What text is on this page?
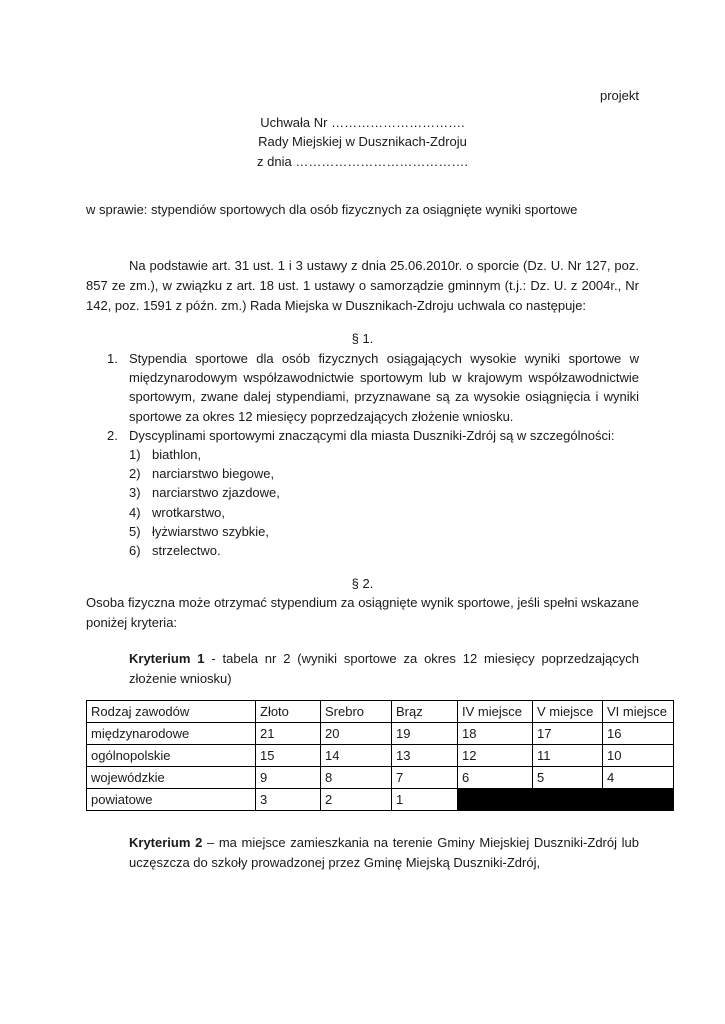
projekt
Uchwała Nr ………………………….
Rady Miejskiej w Dusznikach-Zdroju
z dnia ………………………………….
w sprawie: stypendiów sportowych dla osób fizycznych za osiągnięte wyniki sportowe
Na podstawie art. 31 ust. 1 i 3 ustawy z dnia 25.06.2010r. o sporcie (Dz. U. Nr 127, poz. 857 ze zm.), w związku z art. 18 ust. 1 ustawy o samorządzie gminnym (t.j.: Dz. U. z 2004r., Nr 142, poz. 1591 z późn. zm.) Rada Miejska w Dusznikach-Zdroju uchwala co następuje:
§ 1.
1. Stypendia sportowe dla osób fizycznych osiągających wysokie wyniki sportowe w międzynarodowym współzawodnictwie sportowym lub w krajowym współzawodnictwie sportowym, zwane dalej stypendiami, przyznawane są za wysokie osiągnięcia i wyniki sportowe za okres 12 miesięcy poprzedzających złożenie wniosku.
2. Dyscyplinami sportowymi znaczącymi dla miasta Duszniki-Zdrój są w szczególności:
1) biathlon,
2) narciarstwo biegowe,
3) narciarstwo zjazdowe,
4) wrotkarstwo,
5) łyżwiarstwo szybkie,
6) strzelectwo.
§ 2.
Osoba fizyczna może otrzymać stypendium za osiągnięte wynik sportowe, jeśli spełni wskazane poniżej kryteria:
Kryterium 1 - tabela nr 2 (wyniki sportowe za okres 12 miesięcy poprzedzających złożenie wniosku)
Rodzaj zawodów	Złoto	Srebro	Brąz	IV miejsce	V miejsce	VI miejsce
międzynarodowe	21	20	19	18	17	16
ogólnopolskie	15	14	13	12	11	10
wojewódzkie	9	8	7	6	5	4
powiatowe	3	2	1			
Kryterium 2 – ma miejsce zamieszkania na terenie Gminy Miejskiej Duszniki-Zdrój lub uczęszcza do szkoły prowadzonej przez Gminę Miejską Duszniki-Zdrój,
